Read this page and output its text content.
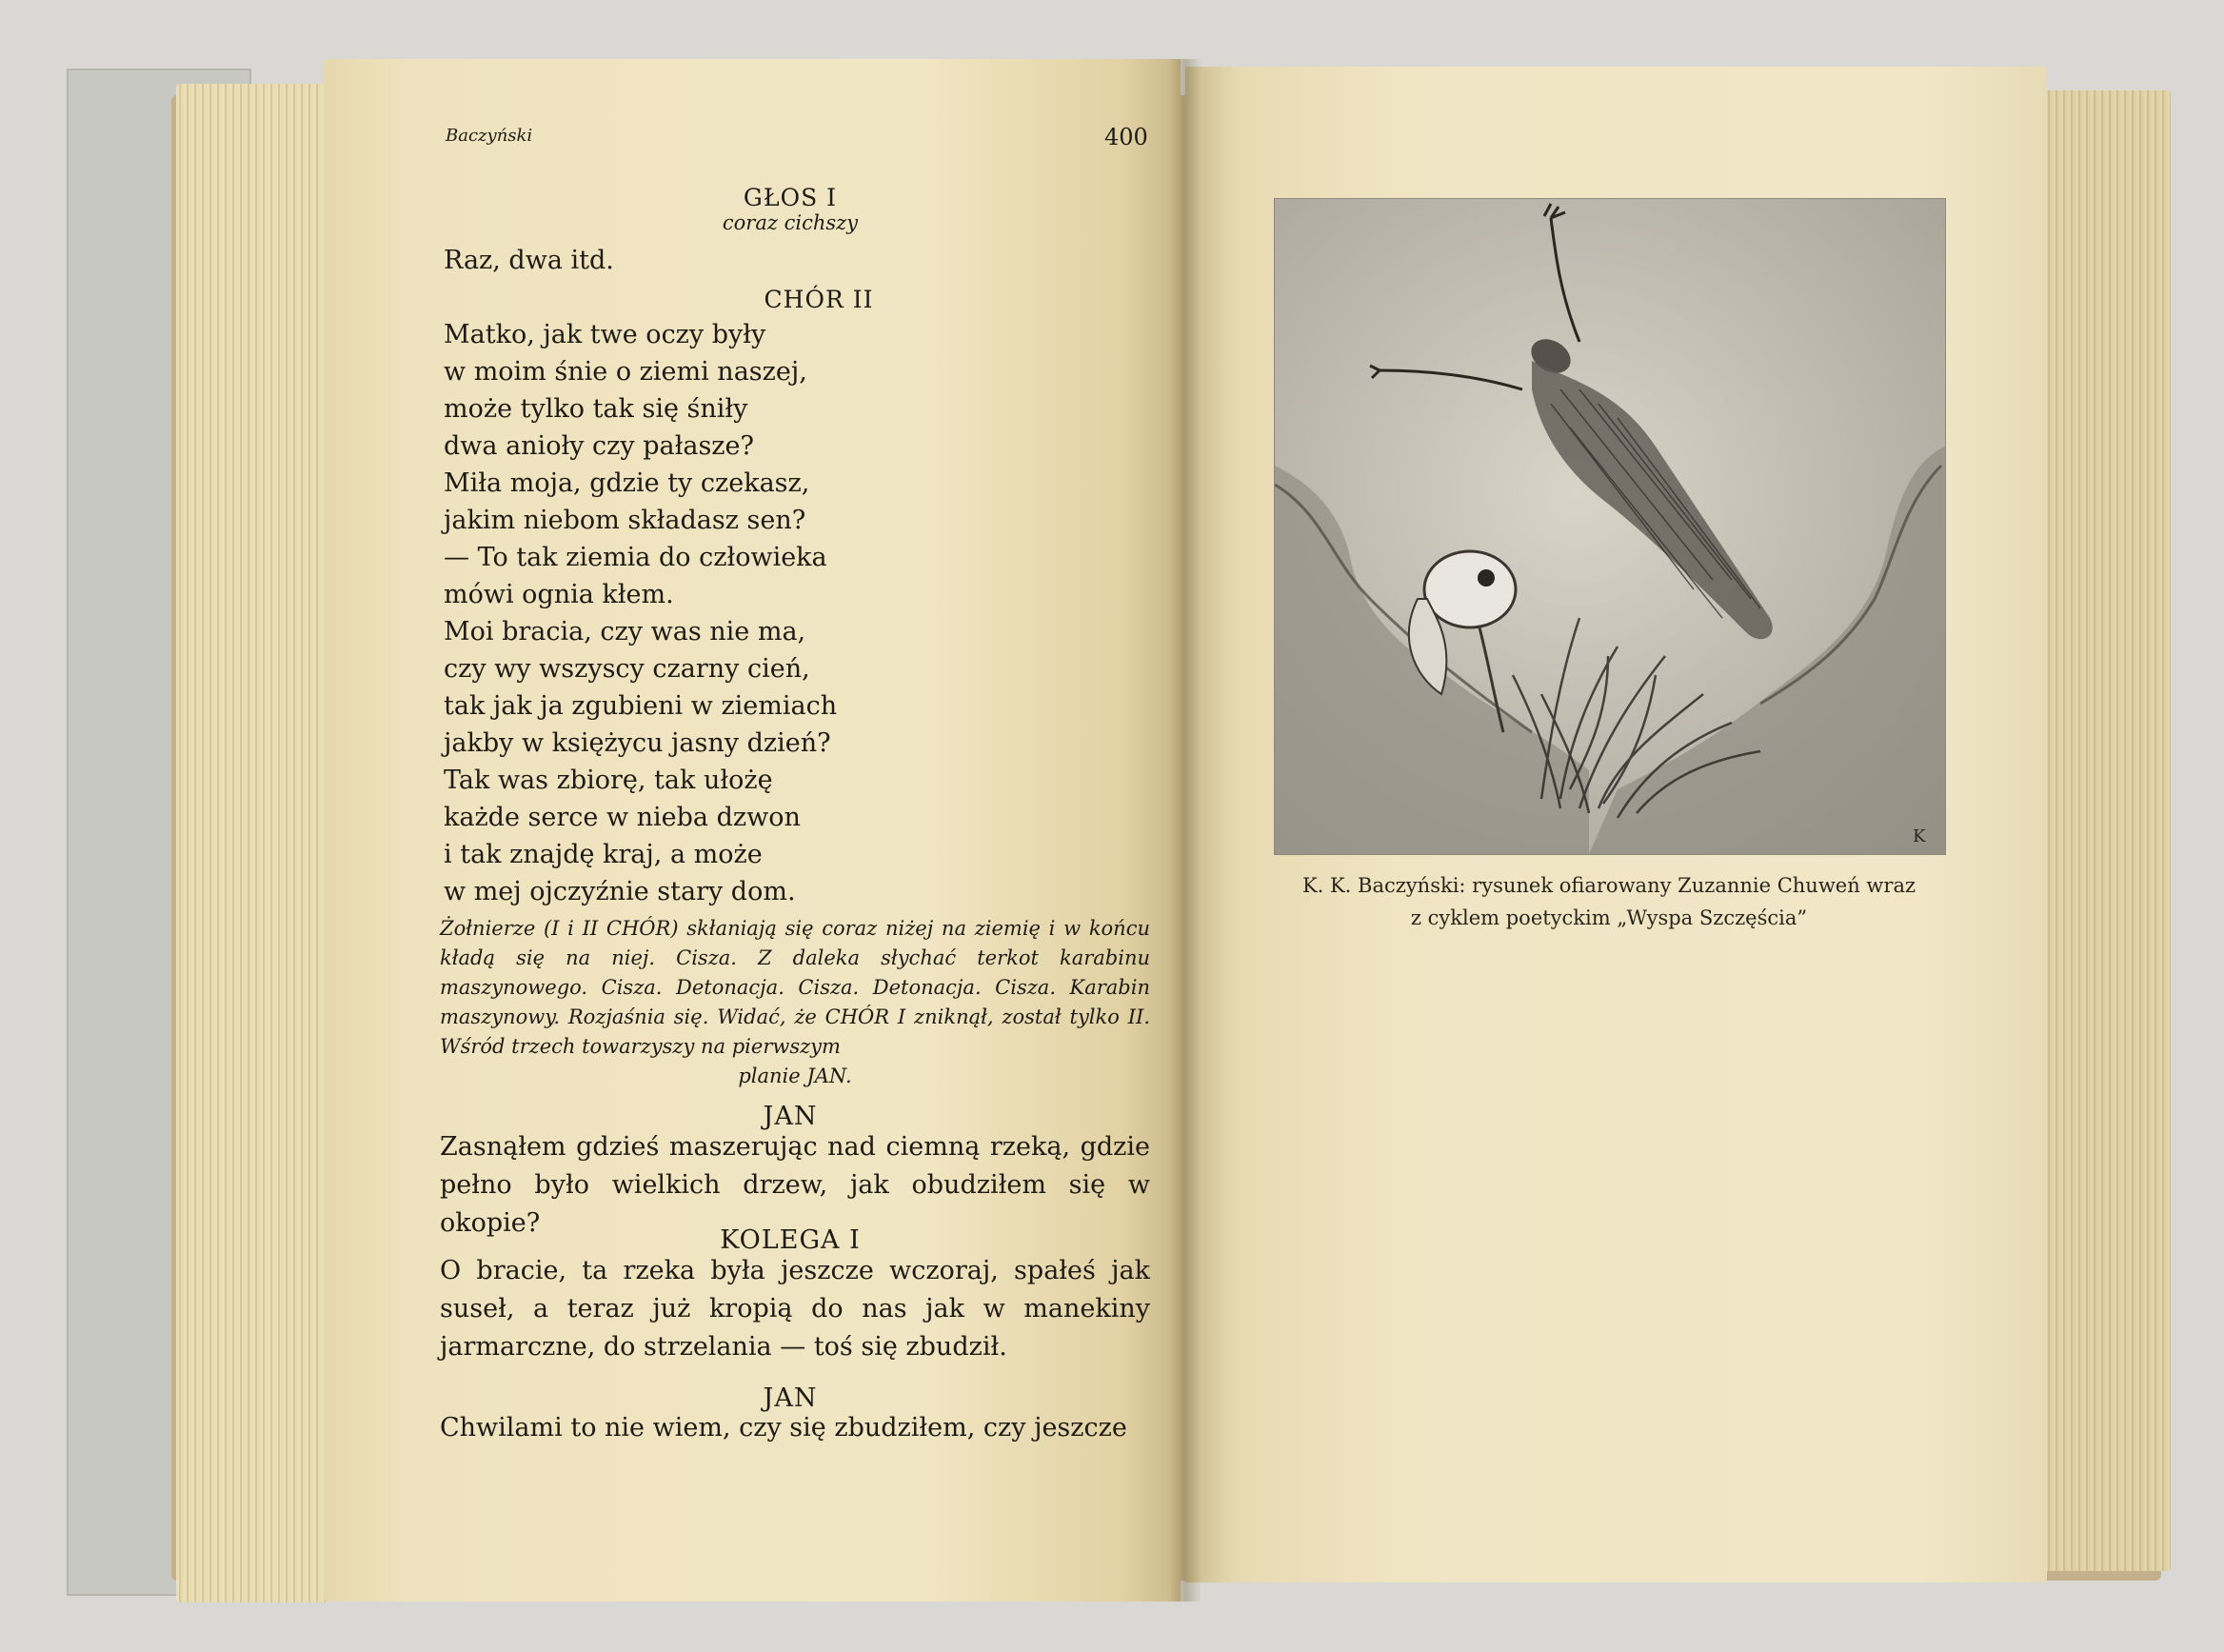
Baczyński	400
GŁOS I
coraz cichszy
Raz, dwa itd.
CHÓR II
Matko, jak twe oczy były
w moim śnie o ziemi naszej,
może tylko tak się śniły
dwa anioły czy pałasze?
Miła moja, gdzie ty czekasz,
jakim niebom składasz sen?
— To tak ziemia do człowieka
mówi ognia kłem.
Moi bracia, czy was nie ma,
czy wy wszyscy czarny cień,
tak jak ja zgubieni w ziemiach
jakby w księżycu jasny dzień?
Tak was zbiorę, tak ułożę
każde serce w nieba dzwon
i tak znajdę kraj, a może
w mej ojczyźnie stary dom.
Żołnierze (I i II CHÓR) skłaniają się coraz niżej na ziemię i w końcu kładą się na niej. Cisza. Z daleka słychać terkot karabinu maszynowego. Cisza. Detonacja. Cisza. Detonacja. Cisza. Karabin maszynowy. Rozjaśnia się. Widać, że CHÓR I zniknął, został tylko II. Wśród trzech towarzyszy na pierwszym
planie JAN.
JAN
Zasnąłem gdzieś maszerując nad ciemną rzeką, gdzie pełno było wielkich drzew, jak obudziłem się w okopie?
KOLEGA I
O bracie, ta rzeka była jeszcze wczoraj, spałeś jak suseł, a teraz już kropią do nas jak w manekiny jarmarczne, do strzelania — toś się zbudził.
JAN
Chwilami to nie wiem, czy się zbudziłem, czy jeszcze
K
K. K. Baczyński: rysunek ofiarowany Zuzannie Chuweń wraz
z cyklem poetyckim „Wyspa Szczęścia”
